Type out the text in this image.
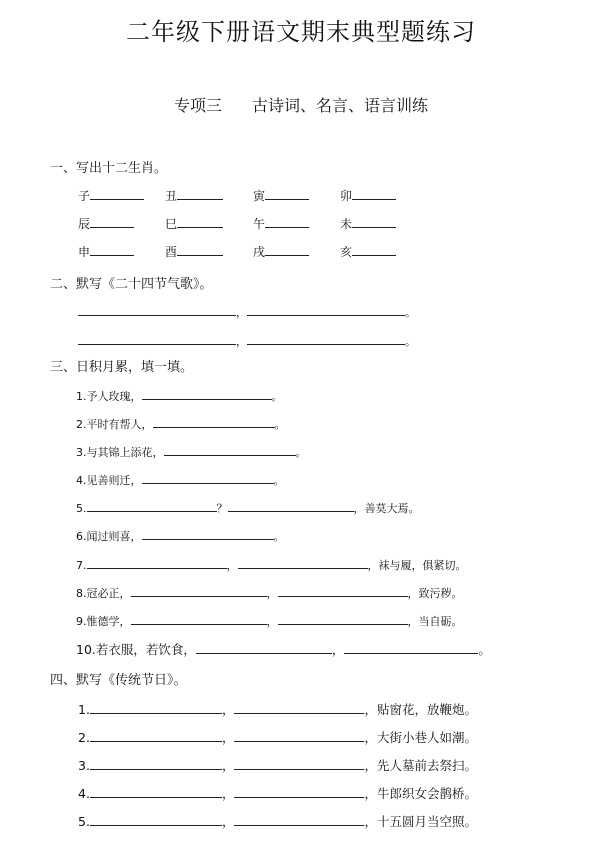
二年级下册语文期末典型题练习
专项三 古诗词、名言、语言训练
一、写出十二生肖。
子	丑	寅	卯
辰	巳	午	未
申	酉	戌	亥
二、默写《二十四节气歌》。
，	。
，	。
三、日积月累，填一填。
1.予人玫瑰，	。
2.平时有帮人，	。
3.与其锦上添花，	。
4.见善则迁，	。
5.	？	，善莫大焉。
6.闻过则喜，	。
7.	，	，袜与履，俱紧切。
8.冠必正，	，	，致污秽。
9.惟德学，	，	，当自砺。
10.若衣服，若饮食，	，	。
四、默写《传统节日》。
1.	，	，贴窗花，放鞭炮。
2.	，	，大街小巷人如潮。
3.	，	，先人墓前去祭扫。
4.	，	，牛郎织女会鹊桥。
5.	，	，十五圆月当空照。
